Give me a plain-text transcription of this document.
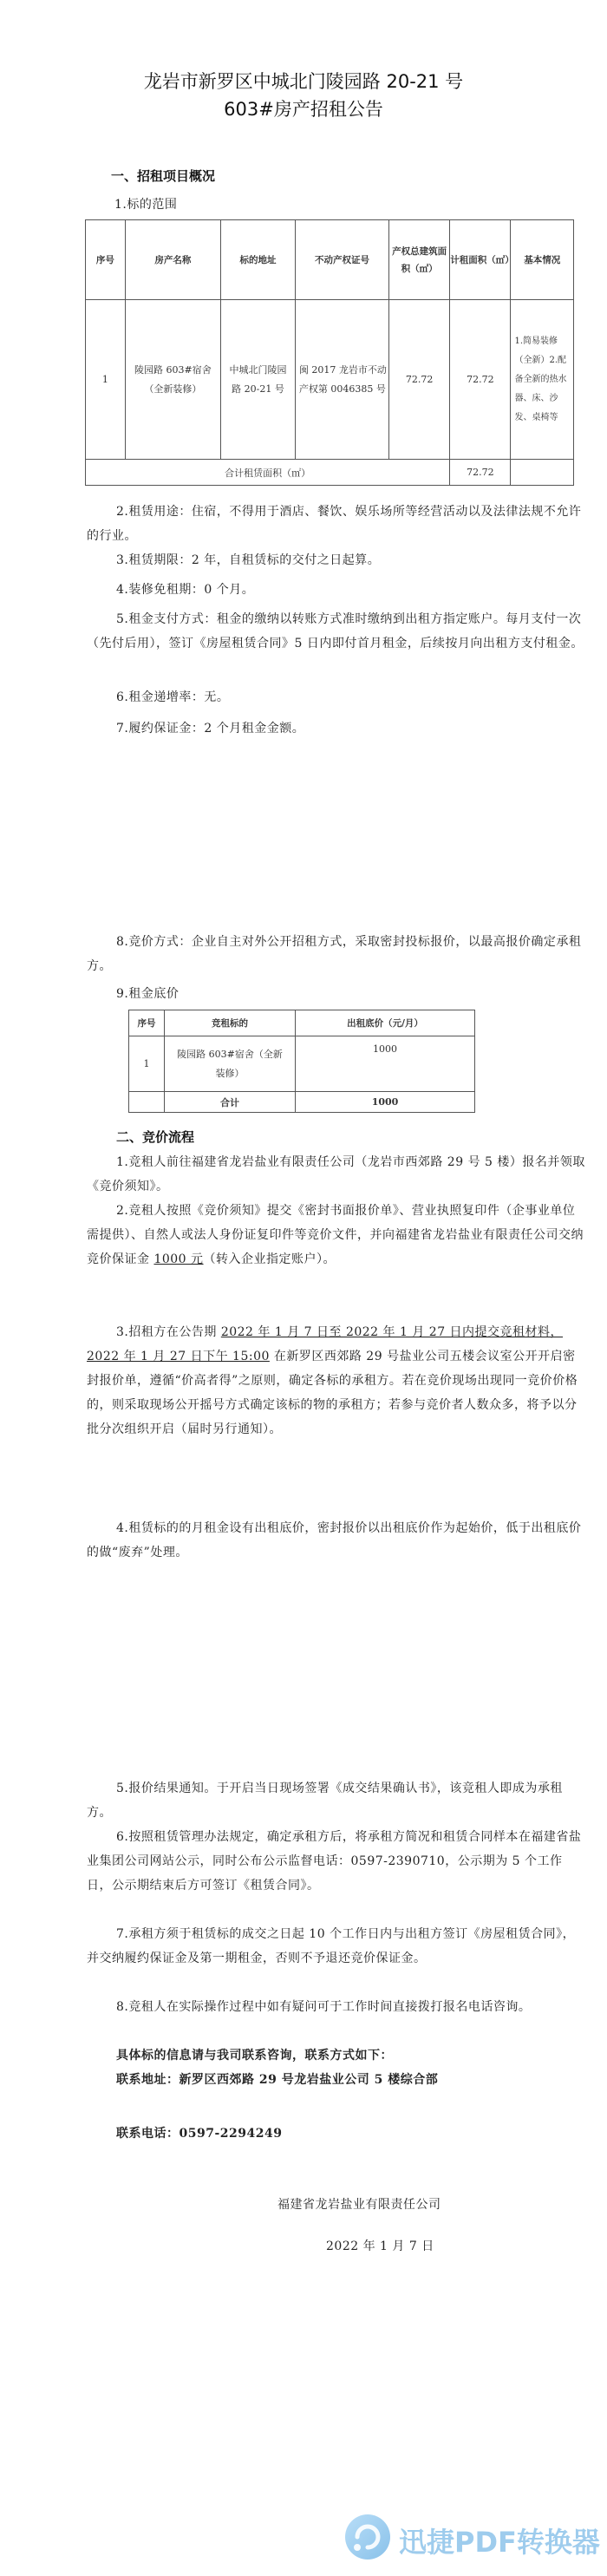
龙岩市新罗区中城北门陵园路 20-21 号
603#房产招租公告
一、招租项目概况
1.标的范围
序号	房产名称	标的地址	不动产权证号	产权总建筑面积（㎡）	计租面积（㎡）	基本情况
1	陵园路 603#宿舍（全新装修）	中城北门陵园路 20-21 号	闽 2017 龙岩市不动产权第 0046385 号	72.72	72.72	1.简易装修（全新）2.配备全新的热水器、床、沙发、桌椅等
合计租赁面积（㎡）					72.72	
2.租赁用途：住宿，不得用于酒店、餐饮、娱乐场所等经营活动以及法律法规不允许的行业。
3.租赁期限：2 年，自租赁标的交付之日起算。
4.装修免租期：0 个月。
5.租金支付方式：租金的缴纳以转账方式准时缴纳到出租方指定账户。每月支付一次（先付后用），签订《房屋租赁合同》5 日内即付首月租金，后续按月向出租方支付租金。
6.租金递增率：无。
7.履约保证金：2 个月租金金额。
8.竞价方式：企业自主对外公开招租方式，采取密封投标报价，以最高报价确定承租方。
9.租金底价
序号	竞租标的	出租底价（元/月）
1	陵园路 603#宿舍（全新装修）	1000
	合计	1000
二、竞价流程
1.竞租人前往福建省龙岩盐业有限责任公司（龙岩市西郊路 29 号 5 楼）报名并领取《竞价须知》。
2.竞租人按照《竞价须知》提交《密封书面报价单》、营业执照复印件（企事业单位需提供）、自然人或法人身份证复印件等竞价文件，并向福建省龙岩盐业有限责任公司交纳竞价保证金 1000 元（转入企业指定账户）。
3.招租方在公告期 2022 年 1 月 7 日至 2022 年 1 月 27 日内提交竞租材料，2022 年 1 月 27 日下午 15:00 在新罗区西郊路 29 号盐业公司五楼会议室公开开启密封报价单，遵循“价高者得”之原则，确定各标的承租方。若在竞价现场出现同一竞价价格的，则采取现场公开摇号方式确定该标的物的承租方；若参与竞价者人数众多，将予以分批分次组织开启（届时另行通知）。
4.租赁标的的月租金设有出租底价，密封报价以出租底价作为起始价，低于出租底价的做“废弃”处理。
5.报价结果通知。于开启当日现场签署《成交结果确认书》，该竞租人即成为承租方。
6.按照租赁管理办法规定，确定承租方后，将承租方简况和租赁合同样本在福建省盐业集团公司网站公示，同时公布公示监督电话：0597-2390710，公示期为 5 个工作日，公示期结束后方可签订《租赁合同》。
7.承租方须于租赁标的成交之日起 10 个工作日内与出租方签订《房屋租赁合同》，并交纳履约保证金及第一期租金，否则不予退还竞价保证金。
8.竞租人在实际操作过程中如有疑问可于工作时间直接拨打报名电话咨询。
具体标的信息请与我司联系咨询，联系方式如下：
联系地址：新罗区西郊路 29 号龙岩盐业公司 5 楼综合部
联系电话：0597-2294249
福建省龙岩盐业有限责任公司
2022 年 1 月 7 日
迅捷PDF转换器
